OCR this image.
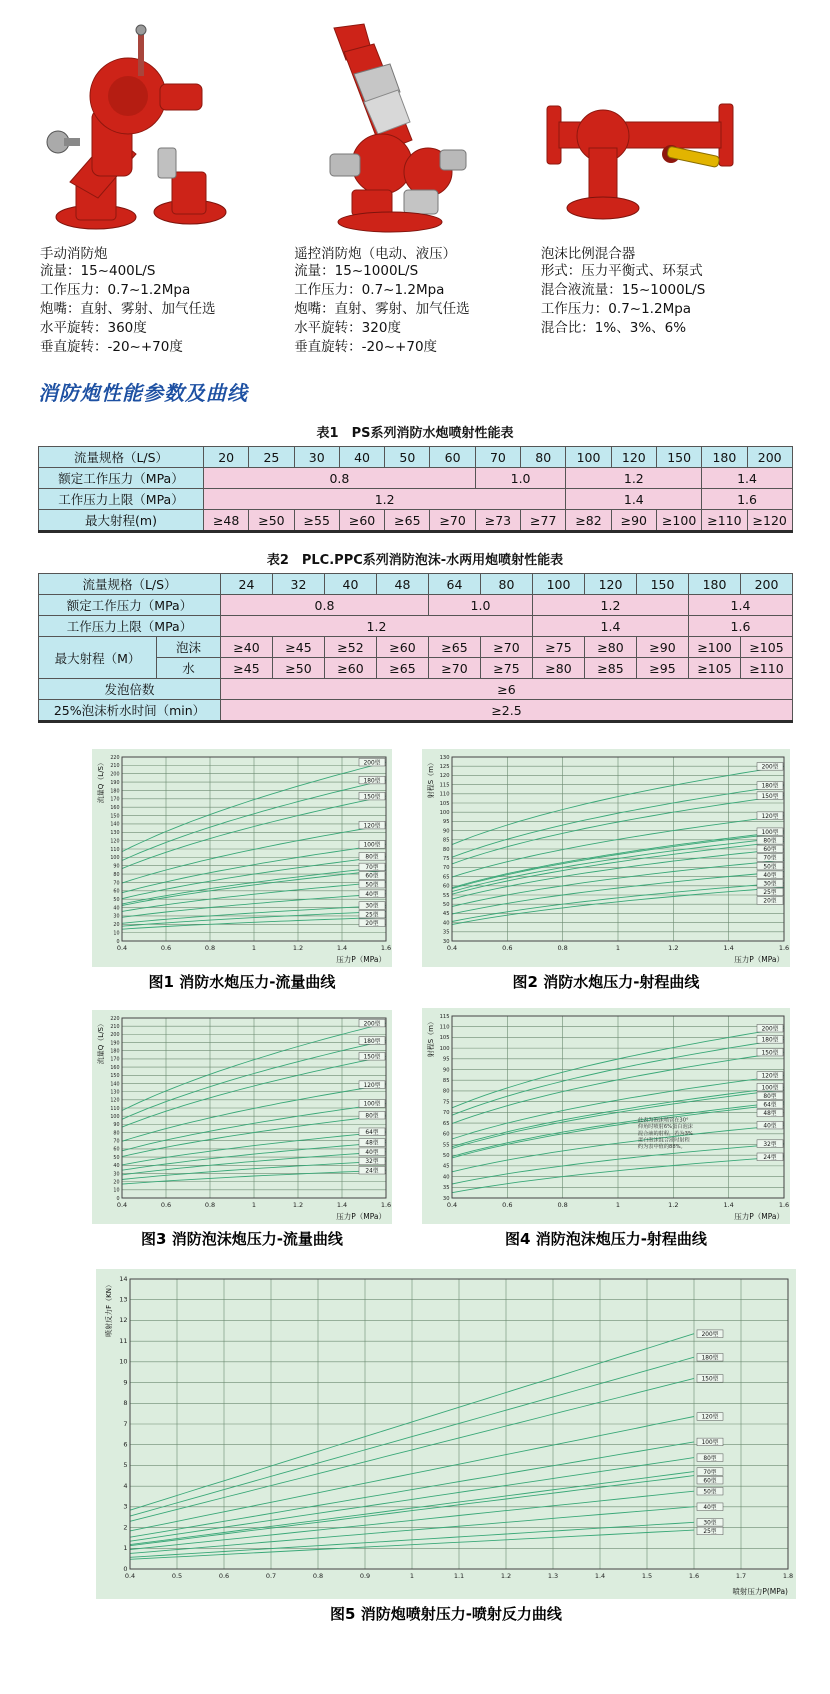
手动消防炮
流量：15~400L/S
工作压力：0.7~1.2Mpa
炮嘴：直射、雾射、加气任选
水平旋转：360度
垂直旋转：-20~+70度
遥控消防炮（电动、液压）
流量：15~1000L/S
工作压力：0.7~1.2Mpa
炮嘴：直射、雾射、加气任选
水平旋转：320度
垂直旋转：-20~+70度
泡沫比例混合器
形式：压力平衡式、环泵式
混合液流量：15~1000L/S
工作压力：0.7~1.2Mpa
混合比：1%、3%、6%
消防炮性能参数及曲线
表1　PS系列消防水炮喷射性能表
流量规格（L/S）	20	25	30	40	50	60	70	80	100	120	150	180	200
额定工作压力（MPa）	0.8						1.0		1.2			1.4	
工作压力上限（MPa）	1.2								1.4			1.6	
最大射程(m)	≥48	≥50	≥55	≥60	≥65	≥70	≥73	≥77	≥82	≥90	≥100	≥110	≥120
表2　PLC.PPC系列消防泡沫-水两用炮喷射性能表
流量规格（L/S）		24	32	40	48	64	80	100	120	150	180	200
额定工作压力（MPa）		0.8				1.0		1.2			1.4	
工作压力上限（MPa）		1.2						1.4			1.6	
最大射程（M）	泡沫	≥40	≥45	≥52	≥60	≥65	≥70	≥75	≥80	≥90	≥100	≥105
	水	≥45	≥50	≥60	≥65	≥70	≥75	≥80	≥85	≥95	≥105	≥110
发泡倍数		≥6										
25%泡沫析水时间（min）		≥2.5										
0.4	0.6	0.8	1	1.2	1.4	1.6
0
10
20
30
40
50
60
70
80
90
100
110
120
130
140
150
160
170
180
190
200
210
220
200型
180型
150型
120型
100型
80型
70型
60型
50型
40型
30型
25型
20型
流量Q（L/S）
压力P（MPa）
图1 消防水炮压力-流量曲线
0.4	0.6	0.8	1	1.2	1.4	1.6
30
35
40
45
50
55
60
65
70
75
80
85
90
95
100
105
110
115
120
125
130
200型
180型
150型
120型
100型
80型
60型
70型
50型
40型
30型
25型
20型
射程S（m）
压力P（MPa）
图2 消防水炮压力-射程曲线
0.4	0.6	0.8	1	1.2	1.4	1.6
0
10
20
30
40
50
60
70
80
90
100
110
120
130
140
150
160
170
180
190
200
210
220
200型
180型
150型
120型
100型
80型
64型
48型
40型
32型
24型
流量Q（L/S）
压力P（MPa）
图3 消防泡沫炮压力-流量曲线
0.4	0.6	0.8	1	1.2	1.4	1.6
30
35
40
45
50
55
60
65
70
75
80
85
90
95
100
105
110
115
200型
180型
150型
120型
100型
80型
64型
48型
40型
32型
24型
射程S（m）
压力P（MPa）
此表为泡沫喷管在30°
仰角时喷射6%蛋白泡沫
混合液的射程，若为3%
蛋白泡沫混合液时射程
约为表中值的88%。
图4 消防泡沫炮压力-射程曲线
0.4	0.5	0.6	0.7	0.8	0.9	1	1.1	1.2	1.3	1.4	1.5	1.6	1.7	1.8
0
1
2
3
4
5
6
7
8
9
10
11
12
13
14
200型
180型
150型
120型
100型
80型
70型
60型
50型
40型
30型
25型
喷射反力F（KN）
喷射压力P(MPa)
图5 消防炮喷射压力-喷射反力曲线
